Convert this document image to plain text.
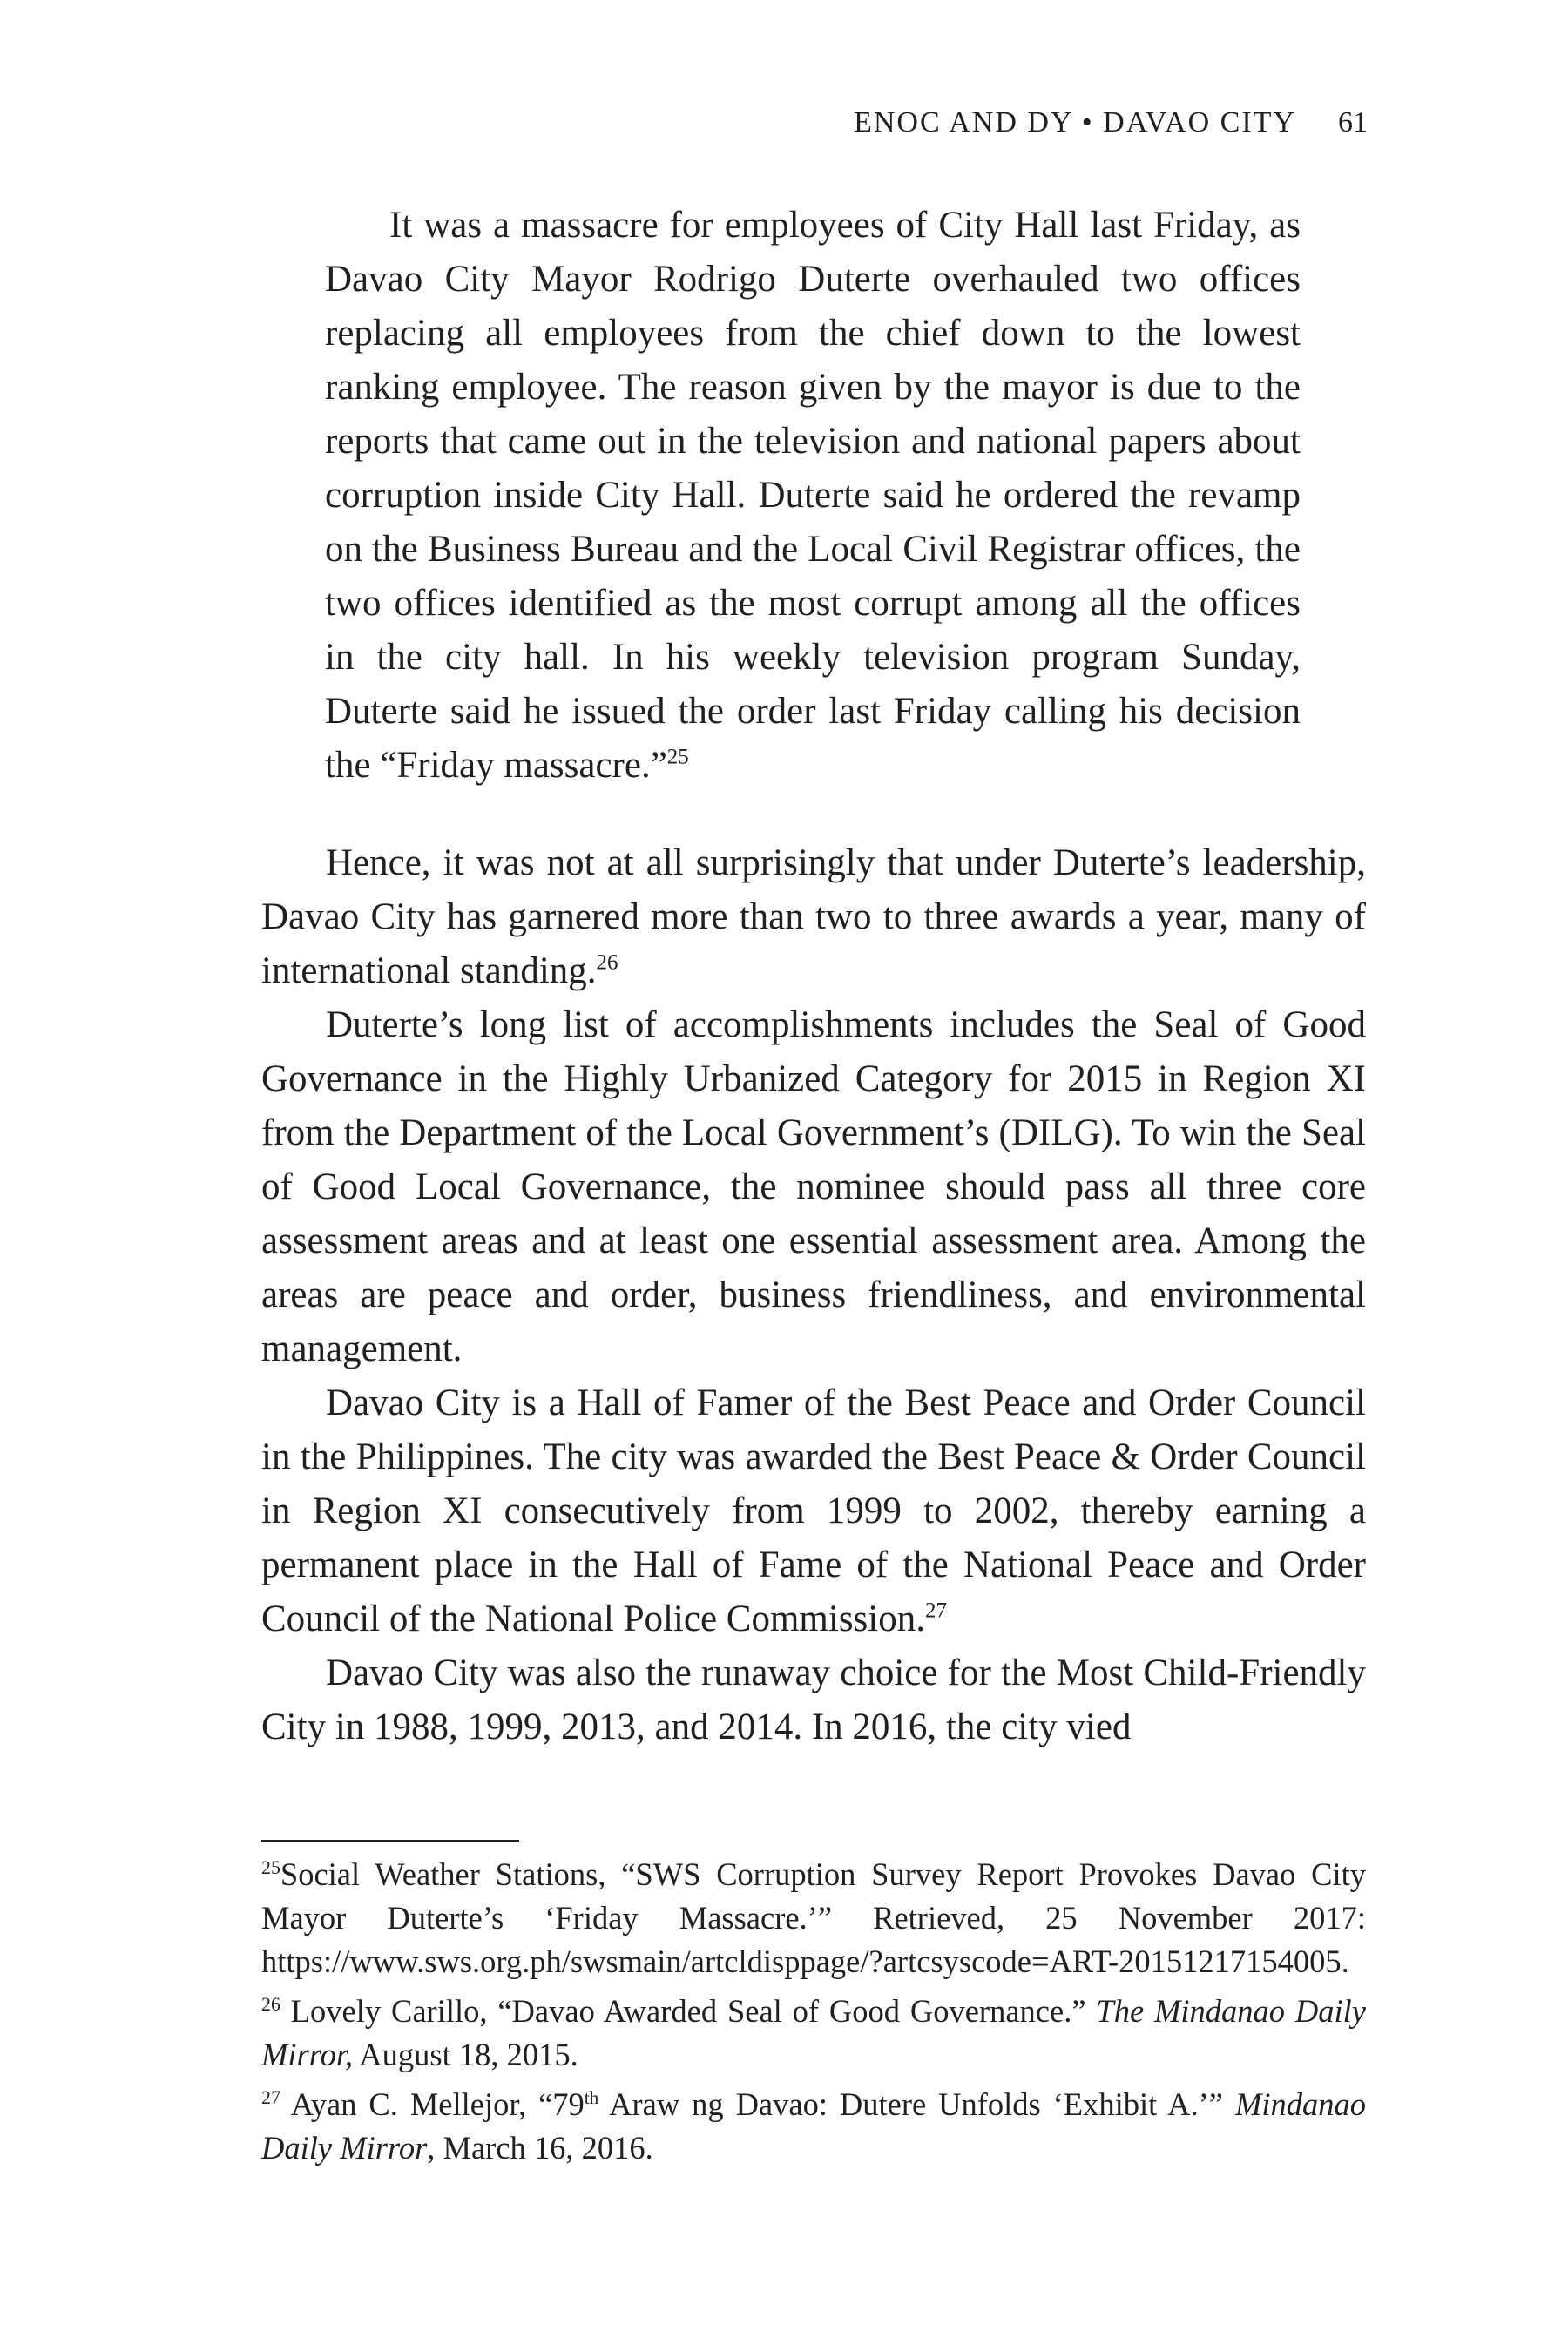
ENOC AND DY • DAVAO CITY 61

It was a massacre for employees of City Hall last Friday, as Davao City Mayor Rodrigo Duterte overhauled two offices replacing all employees from the chief down to the lowest ranking employee. The reason given by the mayor is due to the reports that came out in the television and national papers about corruption inside City Hall. Duterte said he ordered the revamp on the Business Bureau and the Local Civil Registrar offices, the two offices identified as the most corrupt among all the offices in the city hall. In his weekly television program Sunday, Duterte said he issued the order last Friday calling his decision the “Friday massacre.”$^{25}$

Hence, it was not at all surprisingly that under Duterte’s leadership, Davao City has garnered more than two to three awards a year, many of international standing.$^{26}$

Duterte’s long list of accomplishments includes the Seal of Good Governance in the Highly Urbanized Category for 2015 in Region XI from the Department of the Local Government’s (DILG). To win the Seal of Good Local Governance, the nominee should pass all three core assessment areas and at least one essential assessment area. Among the areas are peace and order, business friendliness, and environmental management.

Davao City is a Hall of Famer of the Best Peace and Order Council in the Philippines. The city was awarded the Best Peace & Order Council in Region XI consecutively from 1999 to 2002, thereby earning a permanent place in the Hall of Fame of the National Peace and Order Council of the National Police Commission.$^{27}$

Davao City was also the runaway choice for the Most Child-Friendly City in 1988, 1999, 2013, and 2014. In 2016, the city vied

$^{25}$Social Weather Stations, “SWS Corruption Survey Report Provokes Davao City Mayor Duterte’s ‘Friday Massacre.’” Retrieved, 25 November 2017: https://www.sws.org.ph/swsmain/artcldisppage/?artcsyscode=ART-20151217154005.

$^{26}$ Lovely Carillo, “Davao Awarded Seal of Good Governance.” The Mindanao Daily Mirror, August 18, 2015.

$^{27}$ Ayan C. Mellejor, “79th Araw ng Davao: Dutere Unfolds ‘Exhibit A.’” Mindanao Daily Mirror, March 16, 2016.
